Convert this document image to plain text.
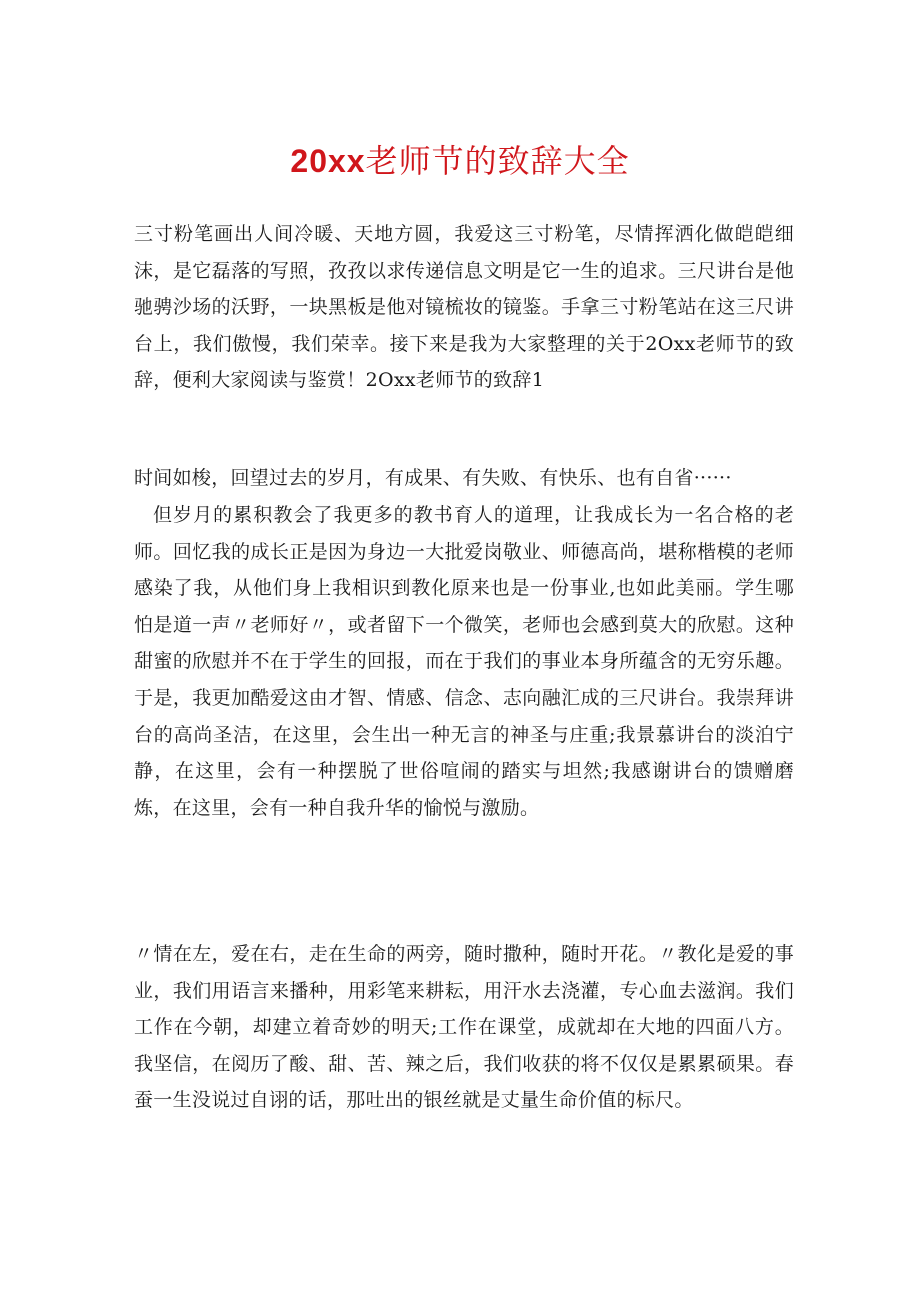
20xx老师节的致辞大全

三寸粉笔画出人间冷暖、天地方圆，我爱这三寸粉笔，尽情挥洒化做皑皑细沫，是它磊落的写照，孜孜以求传递信息文明是它一生的追求。三尺讲台是他驰骋沙场的沃野，一块黑板是他对镜梳妆的镜鉴。手拿三寸粉笔站在这三尺讲台上，我们傲慢，我们荣幸。接下来是我为大家整理的关于2Oxx老师节的致辞，便利大家阅读与鉴赏！2Oxx老师节的致辞1

时间如梭，回望过去的岁月，有成果、有失败、有快乐、也有自省······

但岁月的累积教会了我更多的教书育人的道理，让我成长为一名合格的老师。回忆我的成长正是因为身边一大批爱岗敬业、师德高尚，堪称楷模的老师感染了我，从他们身上我相识到教化原来也是一份事业,也如此美丽。学生哪怕是道一声〃老师好〃，或者留下一个微笑，老师也会感到莫大的欣慰。这种甜蜜的欣慰并不在于学生的回报，而在于我们的事业本身所蕴含的无穷乐趣。于是，我更加酷爱这由才智、情感、信念、志向融汇成的三尺讲台。我崇拜讲台的高尚圣洁，在这里，会生出一种无言的神圣与庄重;我景慕讲台的淡泊宁静，在这里，会有一种摆脱了世俗喧闹的踏实与坦然;我感谢讲台的馈赠磨炼，在这里，会有一种自我升华的愉悦与激励。

〃情在左，爱在右，走在生命的两旁，随时撒种，随时开花。〃教化是爱的事业，我们用语言来播种，用彩笔来耕耘，用汗水去浇灌，专心血去滋润。我们工作在今朝，却建立着奇妙的明天;工作在课堂，成就却在大地的四面八方。我坚信，在阅历了酸、甜、苦、辣之后，我们收获的将不仅仅是累累硕果。春蚕一生没说过自诩的话，那吐出的银丝就是丈量生命价值的标尺。
